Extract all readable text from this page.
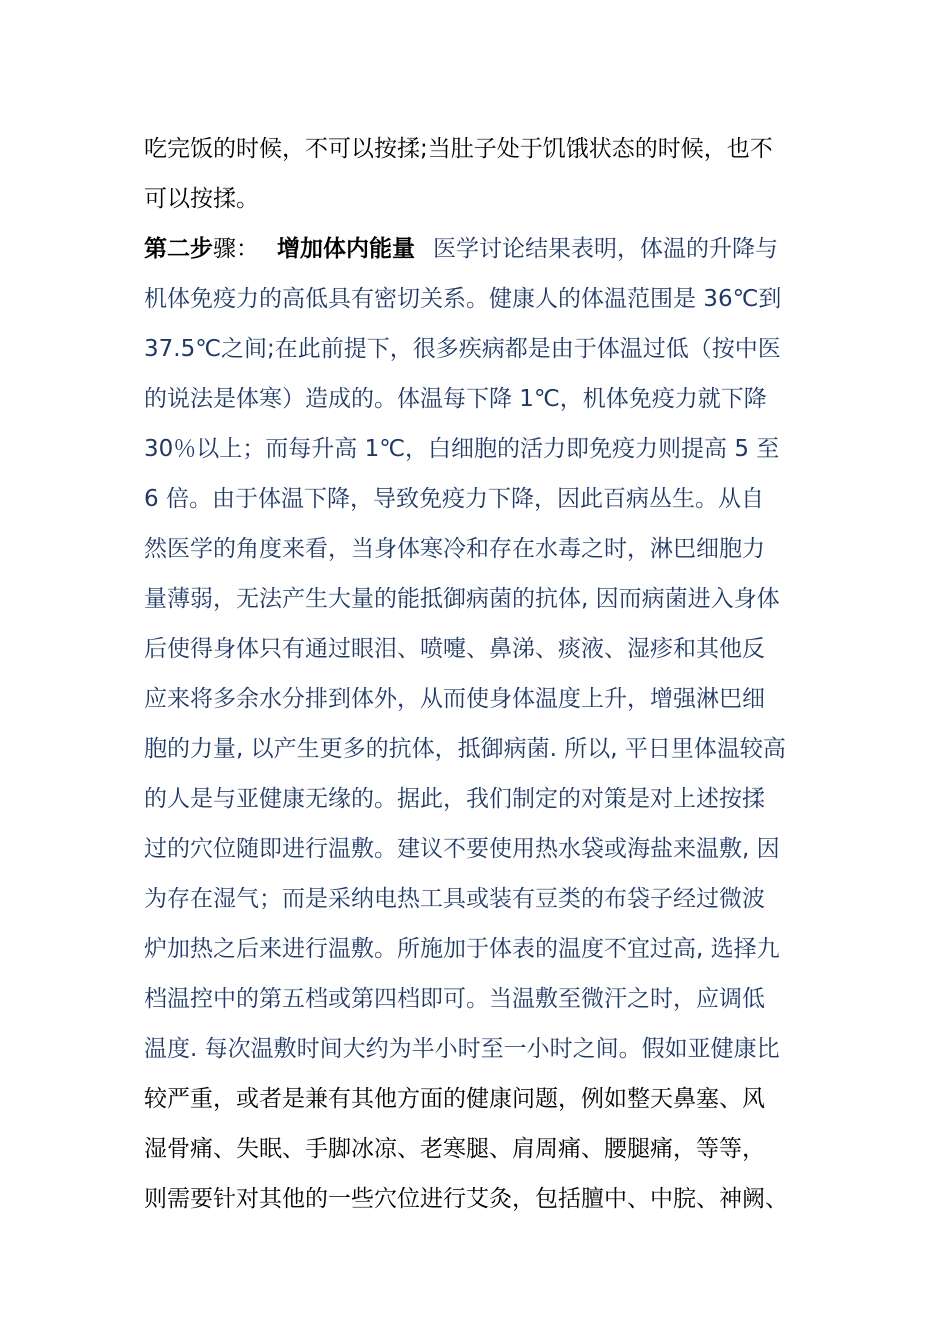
吃完饭的时候，不可以按揉;当肚子处于饥饿状态的时候，也不
可以按揉。
第二步骤： 增加体内能量 医学讨论结果表明，体温的升降与
机体免疫力的高低具有密切关系。健康人的体温范围是 36℃到
37.5℃之间;在此前提下，很多疾病都是由于体温过低（按中医
的说法是体寒）造成的。体温每下降 1℃，机体免疫力就下降
30％以上；而每升高 1℃，白细胞的活力即免疫力则提高 5 至
6 倍。由于体温下降，导致免疫力下降，因此百病丛生。从自
然医学的角度来看，当身体寒冷和存在水毒之时，淋巴细胞力
量薄弱，无法产生大量的能抵御病菌的抗体, 因而病菌进入身体
后使得身体只有通过眼泪、喷嚏、鼻涕、痰液、湿疹和其他反
应来将多余水分排到体外，从而使身体温度上升，增强淋巴细
胞的力量, 以产生更多的抗体，抵御病菌. 所以, 平日里体温较高
的人是与亚健康无缘的。据此，我们制定的对策是对上述按揉
过的穴位随即进行温敷。建议不要使用热水袋或海盐来温敷, 因
为存在湿气；而是采纳电热工具或装有豆类的布袋子经过微波
炉加热之后来进行温敷。所施加于体表的温度不宜过高, 选择九
档温控中的第五档或第四档即可。当温敷至微汗之时，应调低
温度. 每次温敷时间大约为半小时至一小时之间。假如亚健康比
较严重，或者是兼有其他方面的健康问题，例如整天鼻塞、风
湿骨痛、失眠、手脚冰凉、老寒腿、肩周痛、腰腿痛，等等，
则需要针对其他的一些穴位进行艾灸，包括膻中、中脘、神阙、
